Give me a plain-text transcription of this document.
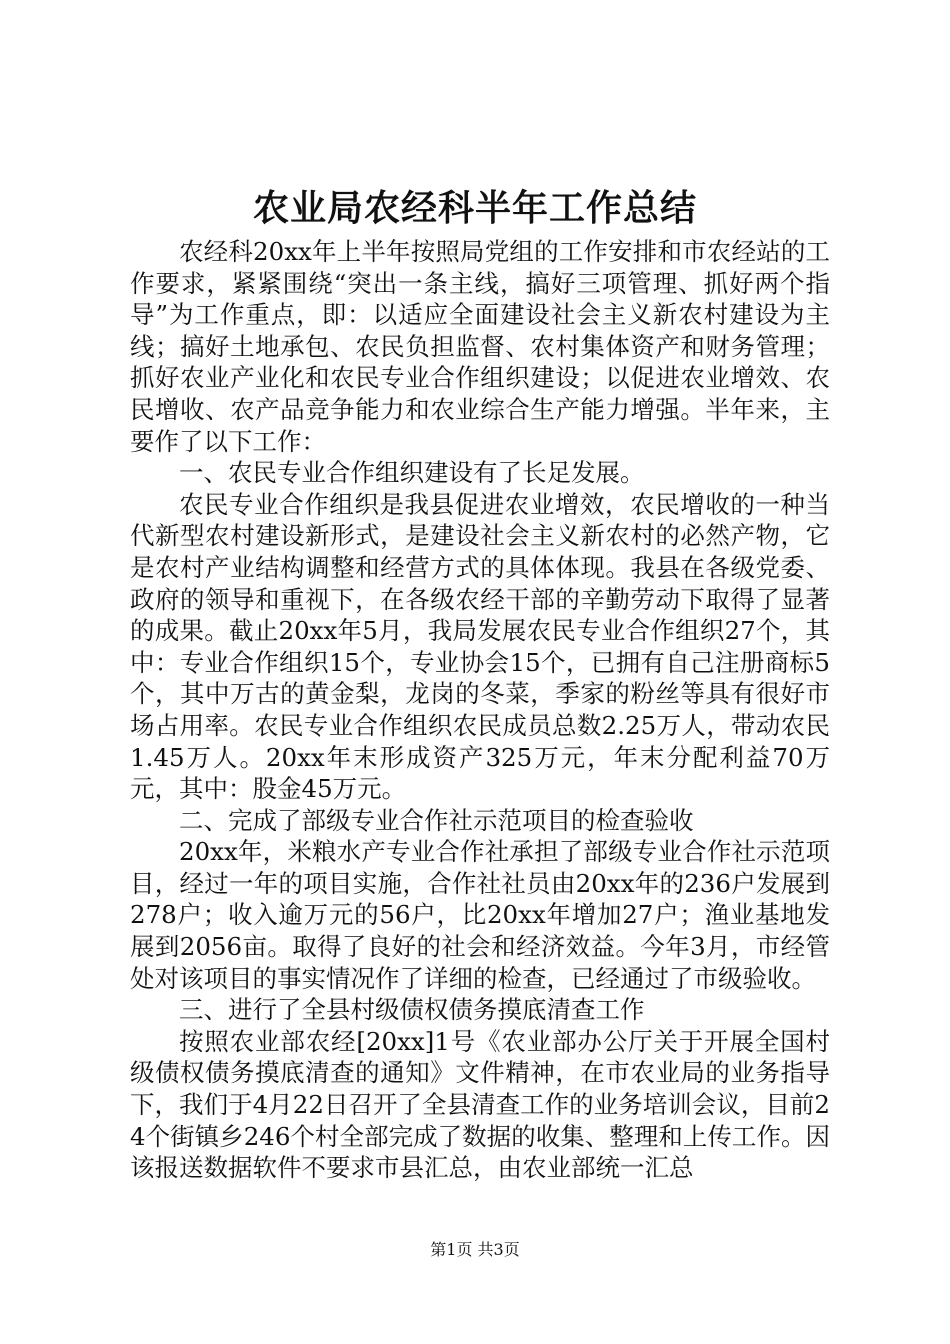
农业局农经科半年工作总结

农经科20xx年上半年按照局党组的工作安排和市农经站的工作要求，紧紧围绕“突出一条主线，搞好三项管理、抓好两个指导”为工作重点，即：以适应全面建设社会主义新农村建设为主线；搞好土地承包、农民负担监督、农村集体资产和财务管理；抓好农业产业化和农民专业合作组织建设；以促进农业增效、农民增收、农产品竞争能力和农业综合生产能力增强。半年来，主要作了以下工作：

一、农民专业合作组织建设有了长足发展。

农民专业合作组织是我县促进农业增效，农民增收的一种当代新型农村建设新形式，是建设社会主义新农村的必然产物，它是农村产业结构调整和经营方式的具体体现。我县在各级党委、政府的领导和重视下，在各级农经干部的辛勤劳动下取得了显著的成果。截止20xx年5月，我局发展农民专业合作组织27个，其中：专业合作组织15个，专业协会15个，已拥有自己注册商标5个，其中万古的黄金梨，龙岗的冬菜，季家的粉丝等具有很好市场占用率。农民专业合作组织农民成员总数2.25万人，带动农民1.45万人。20xx年末形成资产325万元，年末分配利益70万元，其中：股金45万元。

二、完成了部级专业合作社示范项目的检查验收

20xx年，米粮水产专业合作社承担了部级专业合作社示范项目，经过一年的项目实施，合作社社员由20xx年的236户发展到278户；收入逾万元的56户，比20xx年增加27户；渔业基地发展到2056亩。取得了良好的社会和经济效益。今年3月，市经管处对该项目的事实情况作了详细的检查，已经通过了市级验收。

三、进行了全县村级债权债务摸底清查工作

按照农业部农经[20xx]1号《农业部办公厅关于开展全国村级债权债务摸底清查的通知》文件精神，在市农业局的业务指导下，我们于4月22日召开了全县清查工作的业务培训会议，目前24个街镇乡246个村全部完成了数据的收集、整理和上传工作。因该报送数据软件不要求市县汇总，由农业部统一汇总

第1页 共3页
